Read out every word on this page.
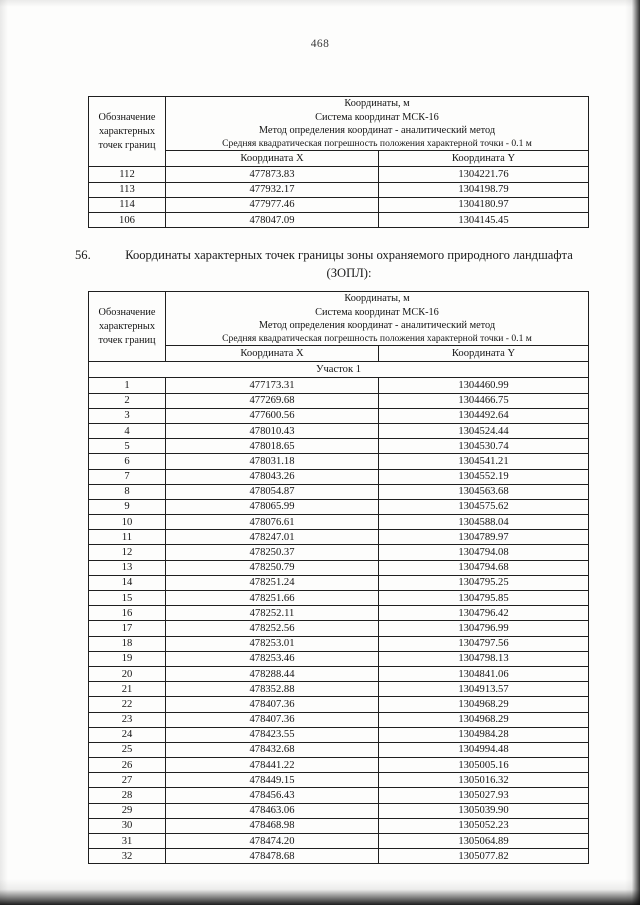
468
Обозначение характерных точек границ	Координаты, м
Система координат МСК-16
Метод определения координат - аналитический метод
Средняя квадратическая погрешность положения характерной точки - 0.1 м	

	Координата X	Координата Y
112	477873.83	1304221.76
113	477932.17	1304198.79
114	477977.46	1304180.97
106	478047.09	1304145.45
56.	Координаты характерных точек границы зоны охраняемого природного ландшафта (ЗОПЛ):
Обозначение характерных точек границ	Координаты, м
Система координат МСК-16
Метод определения координат - аналитический метод
Средняя квадратическая погрешность положения характерной точки - 0.1 м	

	Координата X	Координата Y
Участок 1		
1	477173.31	1304460.99
2	477269.68	1304466.75
3	477600.56	1304492.64
4	478010.43	1304524.44
5	478018.65	1304530.74
6	478031.18	1304541.21
7	478043.26	1304552.19
8	478054.87	1304563.68
9	478065.99	1304575.62
10	478076.61	1304588.04
11	478247.01	1304789.97
12	478250.37	1304794.08
13	478250.79	1304794.68
14	478251.24	1304795.25
15	478251.66	1304795.85
16	478252.11	1304796.42
17	478252.56	1304796.99
18	478253.01	1304797.56
19	478253.46	1304798.13
20	478288.44	1304841.06
21	478352.88	1304913.57
22	478407.36	1304968.29
23	478407.36	1304968.29
24	478423.55	1304984.28
25	478432.68	1304994.48
26	478441.22	1305005.16
27	478449.15	1305016.32
28	478456.43	1305027.93
29	478463.06	1305039.90
30	478468.98	1305052.23
31	478474.20	1305064.89
32	478478.68	1305077.82
